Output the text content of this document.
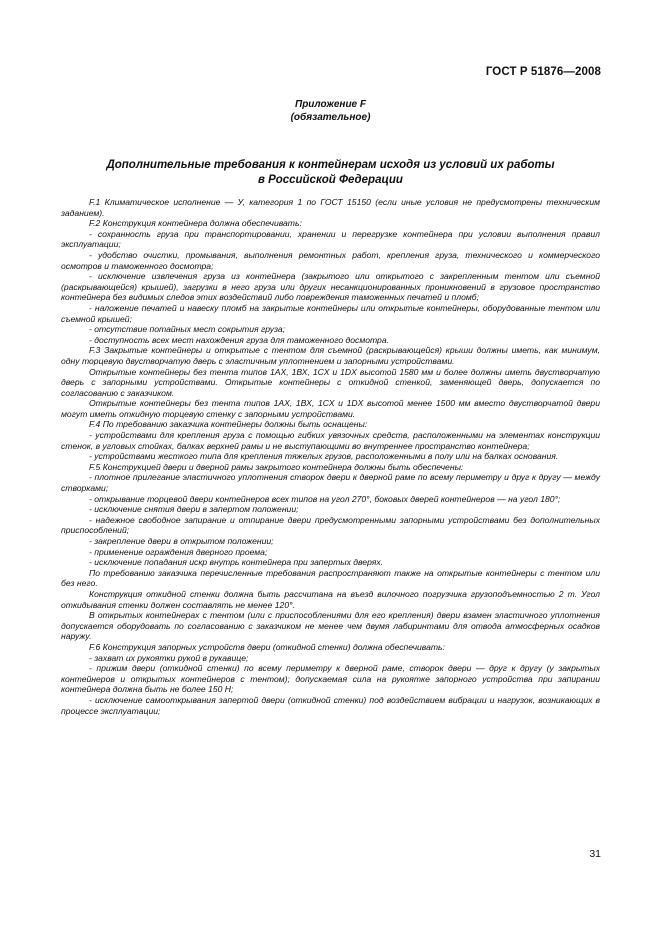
ГОСТ Р 51876—2008
Приложение F
(обязательное)
Дополнительные требования к контейнерам исходя из условий их работы
в Российской Федерации

F.1 Климатическое исполнение — У, категория 1 по ГОСТ 15150 (если иные условия не предусмотрены техническим заданием).

F.2 Конструкция контейнера должна обеспечивать:

- сохранность груза при транспортировании, хранении и перегрузке контейнера при условии выполнения правил эксплуатации;

- удобство очистки, промывания, выполнения ремонтных работ, крепления груза, технического и коммерческого осмотров и таможенного досмотра;

- исключение извлечения груза из контейнера (закрытого или открытого с закрепленным тентом или съемной (раскрывающейся) крышей), загрузки в него груза или других несанкционированных проникновений в грузовое пространство контейнера без видимых следов этих воздействий либо повреждения таможенных печатей и пломб;

- наложение печатей и навеску пломб на закрытые контейнеры или открытые контейнеры, оборудованные тентом или съемной крышей;

- отсутствие потайных мест сокрытия груза;

- доступность всех мест нахождения груза для таможенного досмотра.

F.3 Закрытые контейнеры и открытые с тентом для съемной (раскрывающейся) крыши должны иметь, как минимум, одну торцевую двустворчатую дверь с эластичным уплотнением и запорными устройствами.

Открытые контейнеры без тента типов 1АХ, 1ВХ, 1СХ и 1DX высотой 1580 мм и более должны иметь двустворчатую дверь с запорными устройствами. Открытые контейнеры с откидной стенкой, заменяющей дверь, допускается по согласованию с заказчиком.

Открытые контейнеры без тента типов 1АХ, 1ВХ, 1СХ и 1DX высотой менее 1500 мм вместо двустворчатой двери могут иметь откидную торцевую стенку с запорными устройствами.

F.4 По требованию заказчика контейнеры должны быть оснащены:

- устройствами для крепления груза с помощью гибких увязочных средств, расположенными на элементах конструкции стенок, в угловых стойках, балках верхней рамы и не выступающими во внутреннее пространство контейнера;

- устройствами жесткого типа для крепления тяжелых грузов, расположенными в полу или на балках основания.

F.5 Конструкцией двери и дверной рамы закрытого контейнера должны быть обеспечены:

- плотное прилегание эластичного уплотнения створок двери к дверной раме по всему периметру и друг к другу — между створками;

- открывание торцевой двери контейнеров всех типов на угол 270°, боковых дверей контейнеров — на угол 180°;

- исключение снятия двери в запертом положении;

- надежное свободное запирание и отпирание двери предусмотренными запорными устройствами без дополнительных приспособлений;

- закрепление двери в открытом положении;

- применение ограждения дверного проема;

- исключение попадания искр внутрь контейнера при запертых дверях.

По требованию заказчика перечисленные требования распространяют также на открытые контейнеры с тентом или без него.

Конструкция откидной стенки должна быть рассчитана на въезд вилочного погрузчика грузоподъемностью 2 т. Угол откидывания стенки должен составлять не менее 120°.

В открытых контейнерах с тентом (или с приспособлениями для его крепления) двери взамен эластичного уплотнения допускается оборудовать по согласованию с заказчиком не менее чем двумя лабиринтами для отвода атмосферных осадков наружу.

F.6 Конструкция запорных устройств двери (откидной стенки) должна обеспечивать:

- захват их рукоятки рукой в рукавице;

- прижим двери (откидной стенки) по всему периметру к дверной раме, створок двери — друг к другу (у закрытых контейнеров и открытых контейнеров с тентом); допускаемая сила на рукоятке запорного устройства при запирании контейнера должна быть не более 150 Н;

- исключение самооткрывания запертой двери (откидной стенки) под воздействием вибрации и нагрузок, возникающих в процессе эксплуатации;

31
